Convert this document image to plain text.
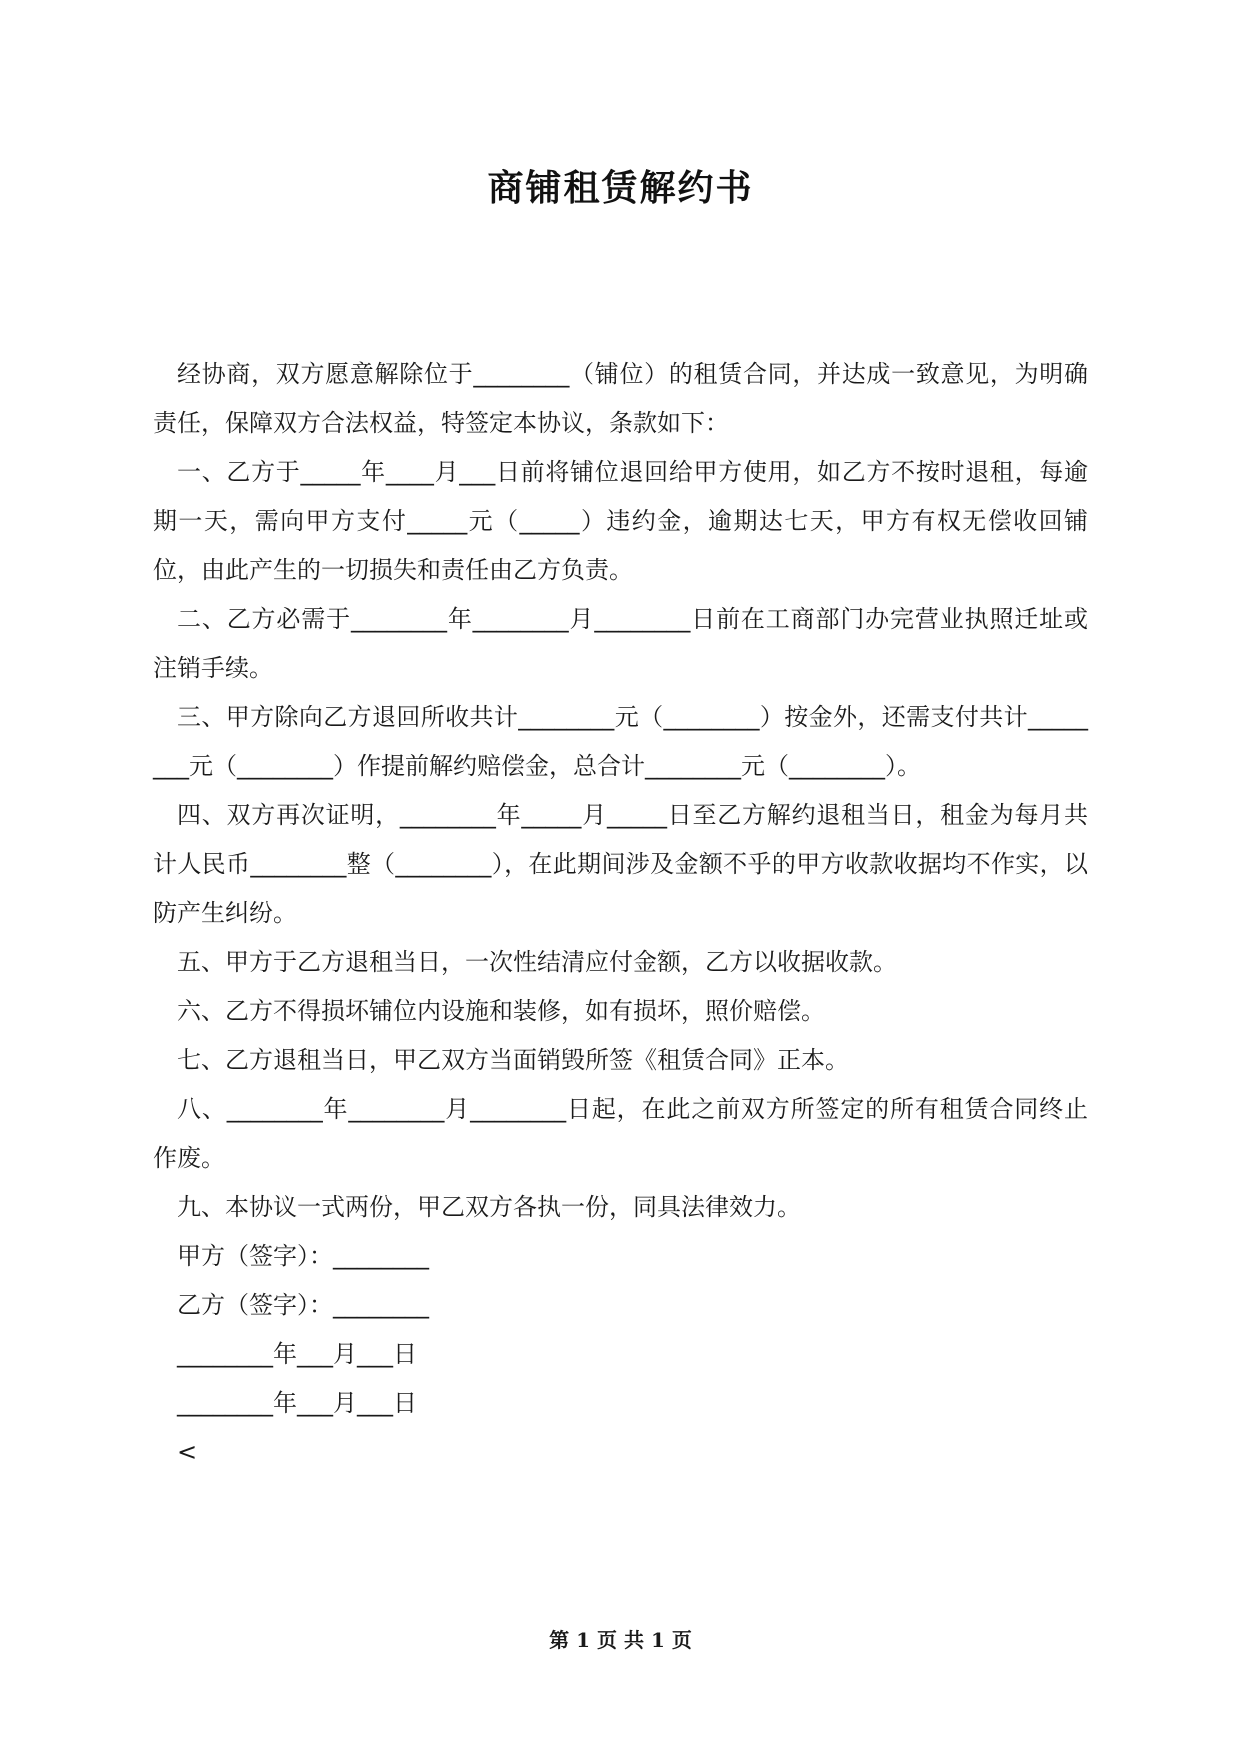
商铺租赁解约书

经协商，双方愿意解除位于________（铺位）的租赁合同，并达成一致意见，为明确责任，保障双方合法权益，特签定本协议，条款如下：

一、乙方于_____年____月___日前将铺位退回给甲方使用，如乙方不按时退租，每逾期一天，需向甲方支付_____元（_____）违约金，逾期达七天，甲方有权无偿收回铺位，由此产生的一切损失和责任由乙方负责。

二、乙方必需于________年________月________日前在工商部门办完营业执照迁址或注销手续。

三、甲方除向乙方退回所收共计________元（________）按金外，还需支付共计________元（________）作提前解约赔偿金，总合计________元（________）。

四、双方再次证明，________年_____月_____日至乙方解约退租当日，租金为每月共计人民币________整（________），在此期间涉及金额不乎的甲方收款收据均不作实，以防产生纠纷。

五、甲方于乙方退租当日，一次性结清应付金额，乙方以收据收款。

六、乙方不得损坏铺位内设施和装修，如有损坏，照价赔偿。

七、乙方退租当日，甲乙双方当面销毁所签《租赁合同》正本。

八、________年________月________日起，在此之前双方所签定的所有租赁合同终止作废。

九、本协议一式两份，甲乙双方各执一份，同具法律效力。

甲方（签字）：________

乙方（签字）：________

________年___月___日

________年___月___日

<

第 1 页 共 1 页
